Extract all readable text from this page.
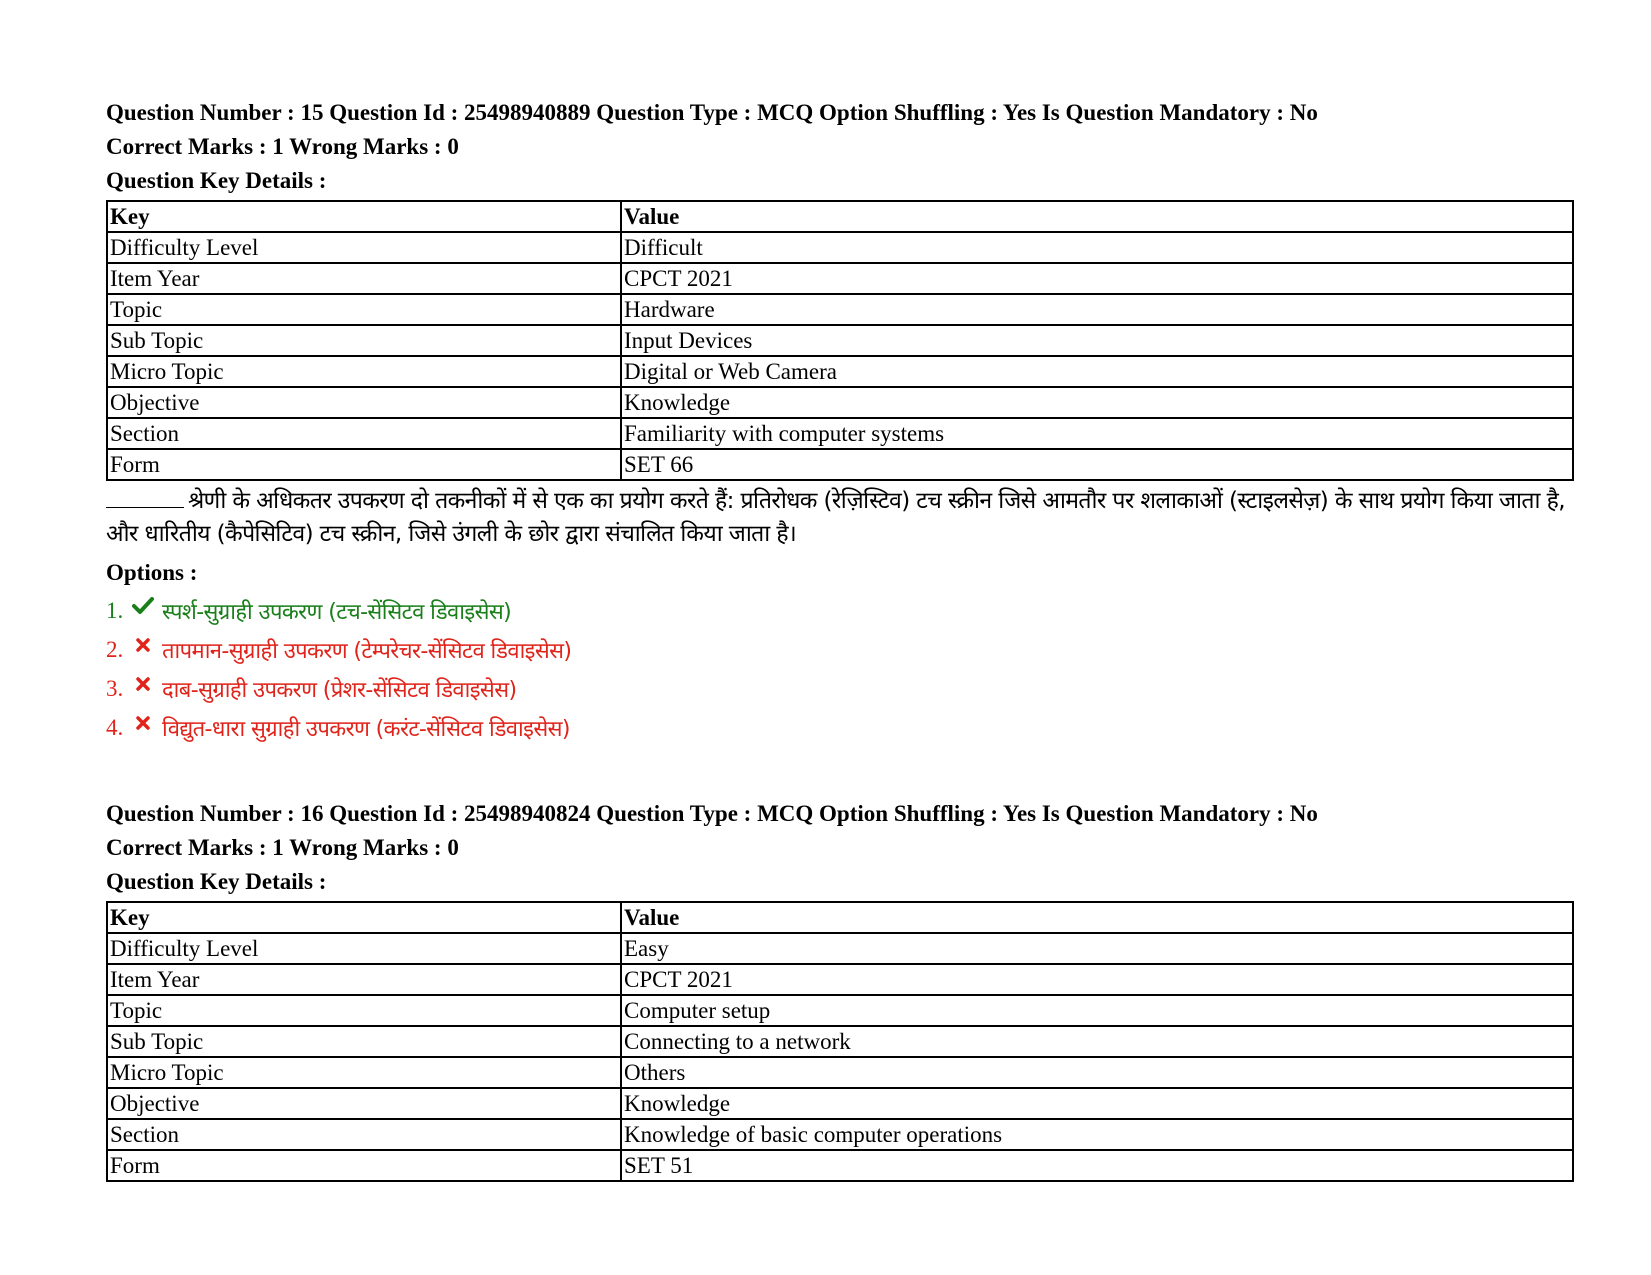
Question Number : 15 Question Id : 25498940889 Question Type : MCQ Option Shuffling : Yes Is Question Mandatory : No
Correct Marks : 1 Wrong Marks : 0
Question Key Details :
Key	Value
Difficulty Level	Difficult
Item Year	CPCT 2021
Topic	Hardware
Sub Topic	Input Devices
Micro Topic	Digital or Web Camera
Objective	Knowledge
Section	Familiarity with computer systems
Form	SET 66
श्रेणी के अधिकतर उपकरण दो तकनीकों में से एक का प्रयोग करते हैं: प्रतिरोधक (रेज़िस्टिव) टच स्क्रीन जिसे आमतौर पर शलाकाओं (स्टाइलसेज़) के साथ प्रयोग किया जाता है, और धारितीय (कैपेसिटिव) टच स्क्रीन, जिसे उंगली के छोर द्वारा संचालित किया जाता है।
Options :
1.	स्पर्श-सुग्राही उपकरण (टच-सेंसिटव डिवाइसेस)
2.	तापमान-सुग्राही उपकरण (टेम्परेचर-सेंसिटव डिवाइसेस)
3.	दाब-सुग्राही उपकरण (प्रेशर-सेंसिटव डिवाइसेस)
4.	विद्युत-धारा सुग्राही उपकरण (करंट-सेंसिटव डिवाइसेस)
Question Number : 16 Question Id : 25498940824 Question Type : MCQ Option Shuffling : Yes Is Question Mandatory : No
Correct Marks : 1 Wrong Marks : 0
Question Key Details :
Key	Value
Difficulty Level	Easy
Item Year	CPCT 2021
Topic	Computer setup
Sub Topic	Connecting to a network
Micro Topic	Others
Objective	Knowledge
Section	Knowledge of basic computer operations
Form	SET 51
